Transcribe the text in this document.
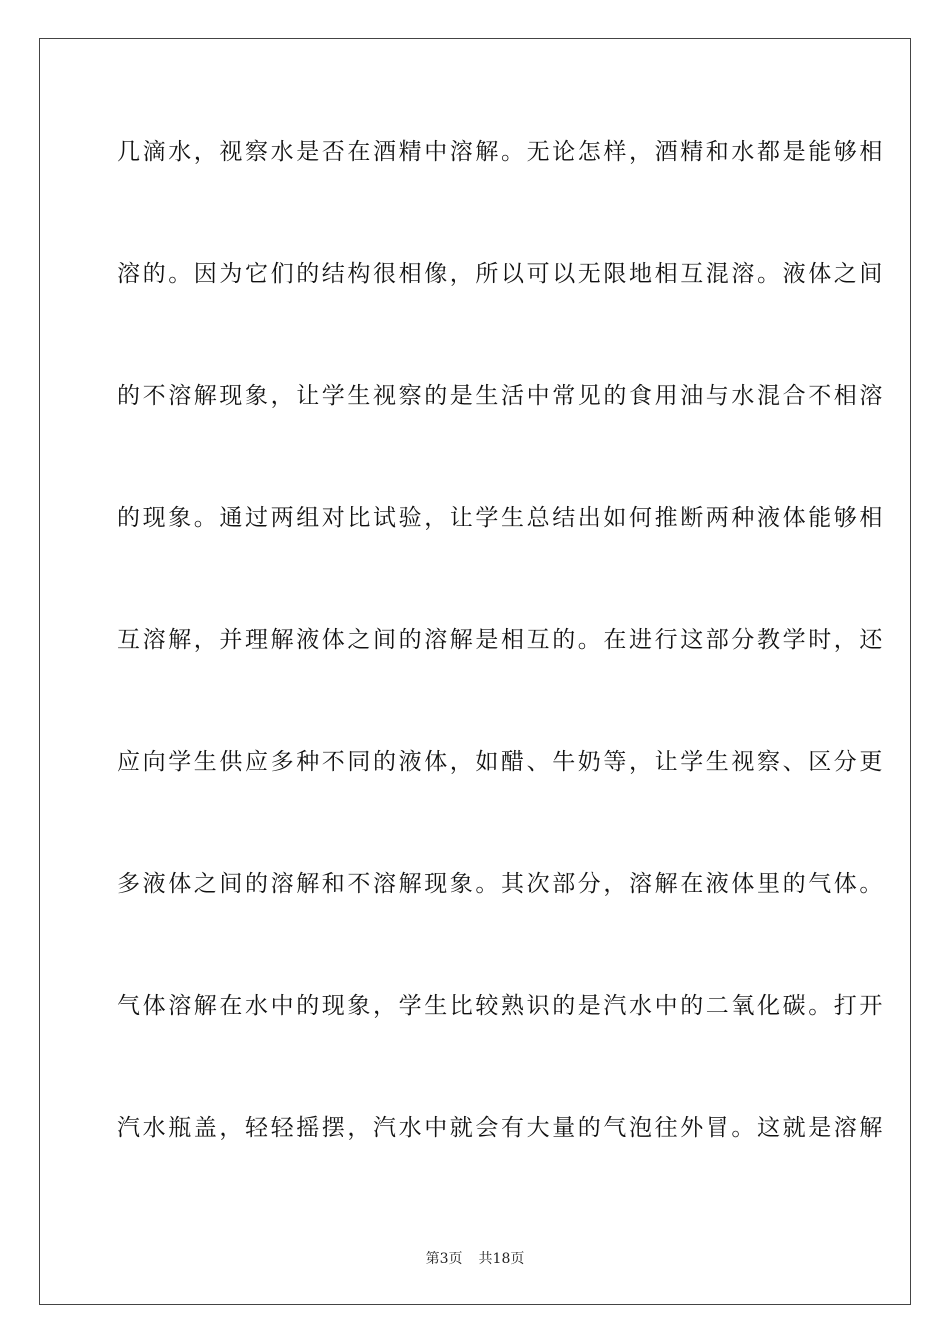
几滴水，视察水是否在酒精中溶解。无论怎样，酒精和水都是能够相
溶的。因为它们的结构很相像，所以可以无限地相互混溶。液体之间
的不溶解现象，让学生视察的是生活中常见的食用油与水混合不相溶
的现象。通过两组对比试验，让学生总结出如何推断两种液体能够相
互溶解，并理解液体之间的溶解是相互的。在进行这部分教学时，还
应向学生供应多种不同的液体，如醋、牛奶等，让学生视察、区分更
多液体之间的溶解和不溶解现象。其次部分，溶解在液体里的气体。
气体溶解在水中的现象，学生比较熟识的是汽水中的二氧化碳。打开
汽水瓶盖，轻轻摇摆，汽水中就会有大量的气泡往外冒。这就是溶解
第3页 共18页
